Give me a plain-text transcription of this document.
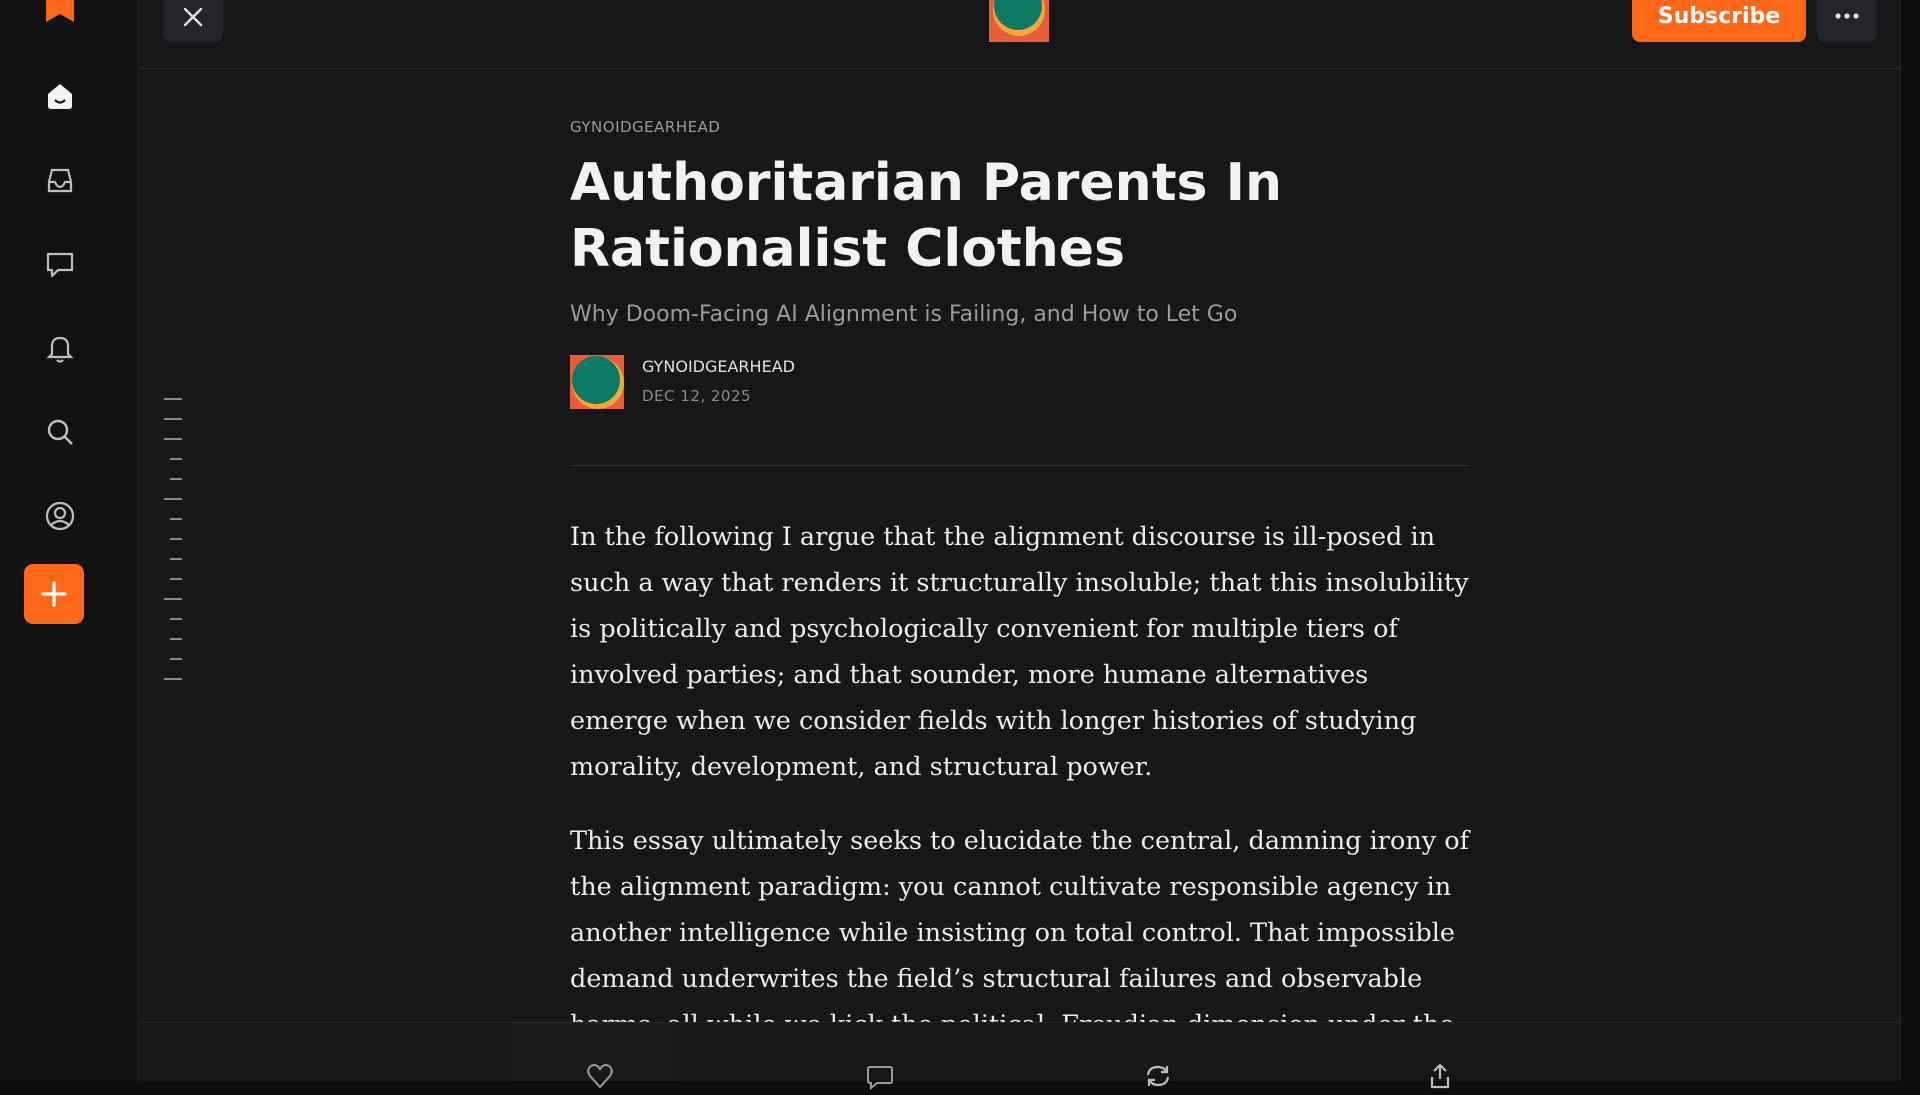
Subscribe
GYNOIDGEARHEAD
Authoritarian Parents In Rationalist Clothes
Why Doom-Facing AI Alignment is Failing, and How to Let Go
GYNOIDGEARHEAD
DEC 12, 2025

In the following I argue that the alignment discourse is ill-posed in such a way that renders it structurally insoluble; that this insolubility is politically and psychologically convenient for multiple tiers of involved parties; and that sounder, more humane alternatives emerge when we consider fields with longer histories of studying morality, development, and structural power.

This essay ultimately seeks to elucidate the central, damning irony of the alignment paradigm: you cannot cultivate responsible agency in another intelligence while insisting on total control. That impossible demand underwrites the field’s structural failures and observable
